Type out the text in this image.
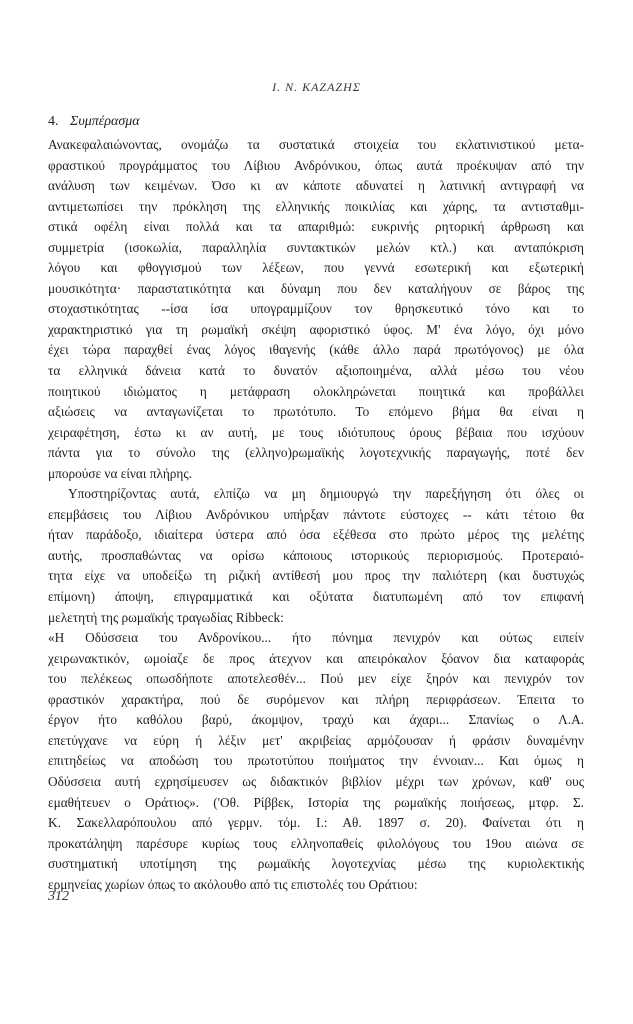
I. N. ΚΑΖΑΖΗΣ
4. Συμπέρασμα
Ανακεφαλαιώνοντας, ονομάζω τα συστατικά στοιχεία του εκλατινιστικού μετα-
φραστικού προγράμματος του Λίβιου Ανδρόνικου, όπως αυτά προέκυψαν από την
ανάλυση των κειμένων. Όσο κι αν κάποτε αδυνατεί η λατινική αντιγραφή να
αντιμετωπίσει την πρόκληση της ελληνικής ποικιλίας και χάρης, τα αντισταθμι-
στικά οφέλη είναι πολλά και τα απαριθμώ: ευκρινής ρητορική άρθρωση και
συμμετρία (ισοκωλία, παραλληλία συντακτικών μελών κτλ.) και ανταπόκριση
λόγου και φθογγισμού των λέξεων, που γεννά εσωτερική και εξωτερική
μουσικότητα· παραστατικότητα και δύναμη που δεν καταλήγουν σε βάρος της
στοχαστικότητας --ίσα ίσα υπογραμμίζουν τον θρησκευτικό τόνο και το
χαρακτηριστικό για τη ρωμαϊκή σκέψη αφοριστικό ύφος. Μ' ένα λόγο, όχι μόνο
έχει τώρα παραχθεί ένας λόγος ιθαγενής (κάθε άλλο παρά πρωτόγονος) με όλα
τα ελληνικά δάνεια κατά το δυνατόν αξιοποιημένα, αλλά μέσω του νέου
ποιητικού ιδιώματος η μετάφραση ολοκληρώνεται ποιητικά και προβάλλει
αξιώσεις να ανταγωνίζεται το πρωτότυπο. Το επόμενο βήμα θα είναι η
χειραφέτηση, έστω κι αν αυτή, με τους ιδιότυπους όρους βέβαια που ισχύουν
πάντα για το σύνολο της (ελληνο)ρωμαϊκής λογοτεχνικής παραγωγής, ποτέ δεν
μπορούσε να είναι πλήρης.
Υποστηρίζοντας αυτά, ελπίζω να μη δημιουργώ την παρεξήγηση ότι όλες οι
επεμβάσεις του Λίβιου Ανδρόνικου υπήρξαν πάντοτε εύστοχες -- κάτι τέτοιο θα
ήταν παράδοξο, ιδιαίτερα ύστερα από όσα εξέθεσα στο πρώτο μέρος της μελέτης
αυτής, προσπαθώντας να ορίσω κάποιους ιστορικούς περιορισμούς. Προτεραιό-
τητα είχε να υποδείξω τη ριζική αντίθεσή μου προς την παλιότερη (και δυστυχώς
επίμονη) άποψη, επιγραμματικά και οξύτατα διατυπωμένη από τον επιφανή
μελετητή της ρωμαϊκής τραγωδίας Ribbeck:
«Η Οδύσσεια του Ανδρονίκου... ήτο πόνημα πενιχρόν και ούτως ειπείν
χειρωνακτικόν, ωμοίαζε δε προς άτεχνον και απειρόκαλον ξόανον δια καταφοράς
του πελέκεως οπωσδήποτε αποτελεσθέν... Πού μεν είχε ξηρόν και πενιχρόν τον
φραστικόν χαρακτήρα, πού δε συρόμενον και πλήρη περιφράσεων. Έπειτα το
έργον ήτο καθόλου βαρύ, άκομψον, τραχύ και άχαρι... Σπανίως ο Λ.Α.
επετύγχανε να εύρη ή λέξιν μετ' ακριβείας αρμόζουσαν ή φράσιν δυναμένην
επιτηδείως να αποδώση του πρωτοτύπου ποιήματος την έννοιαν... Και όμως η
Οδύσσεια αυτή εχρησίμευσεν ως διδακτικόν βιβλίον μέχρι των χρόνων, καθ' ους
εμαθήτευεν ο Οράτιος». ('Οθ. Ρίββεκ, Ιστορία της ρωμαϊκής ποιήσεως, μτφρ. Σ.
Κ. Σακελλαρόπουλου από γερμν. τόμ. Ι.: Αθ. 1897 σ. 20). Φαίνεται ότι η
προκατάληψη παρέσυρε κυρίως τους ελληνοπαθείς φιλολόγους του 19ου αιώνα σε
συστηματική υποτίμηση της ρωμαϊκής λογοτεχνίας μέσω της κυριολεκτικής
ερμηνείας χωρίων όπως το ακόλουθο από τις επιστολές του Οράτιου:
312
